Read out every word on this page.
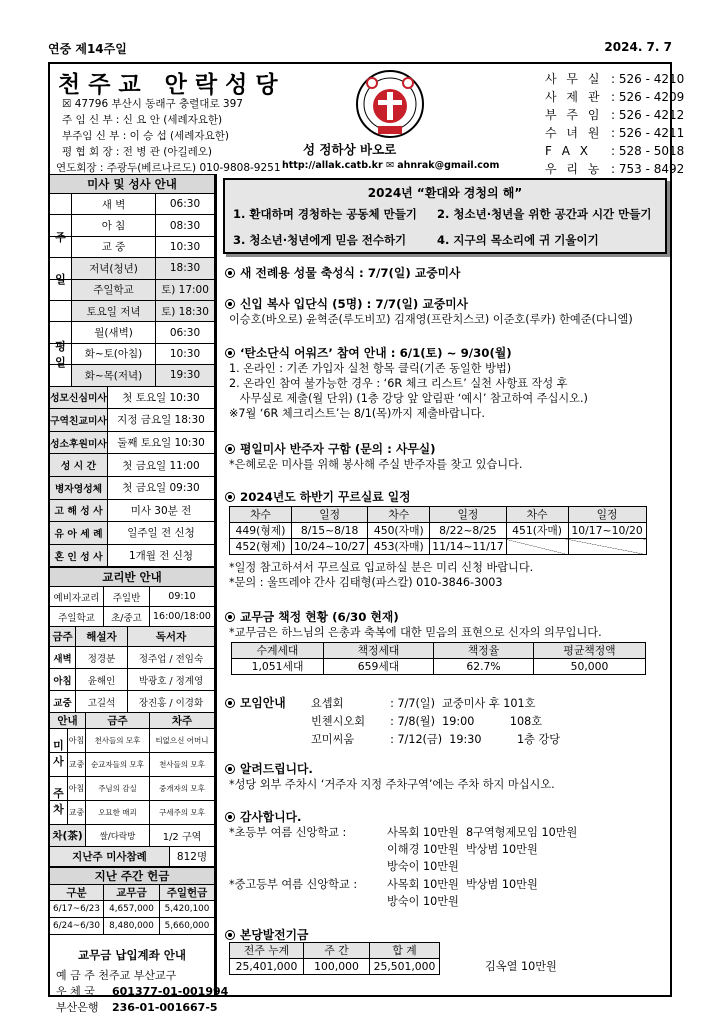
연중 제14주일	2024. 7. 7
천주교 안락성당
☒ 47796 부산시 동래구 충렬대로 397
주 임 신 부 : 신 요 안 (세례자요한)
부주임 신 부 : 이 승 섭 (세례자요한)
평 협 회 장 : 전 병 관 (아길레오)
연도회장 : 주광두(베르나르도) 010-9808-9251
성 정하상 바오로
http://allak.catb.kr ✉ ahnrak@gmail.com
사 무 실 : 526 - 4210
사 제 관 : 526 - 4209
부 주 임 : 526 - 4212
수 녀 원 : 526 - 4211
F A X : 528 - 5018
우 리 농 : 753 - 8492
미사 및 성사 안내
새 벽	06:30
아 침	08:30
교 중	10:30
저녁(청년)	18:30
주일학교	토) 17:00
토요일 저녁	토) 18:30
주

일
월(새벽)	06:30
화~토(아침)	10:30
화~목(저녁)	19:30
평
일
성모신심미사	첫 토요일 10:30
구역친교미사 지정 금요일 18:30
성소후원미사 둘째 토요일 10:30
성 시 간	첫 금요일 11:00
병자영성체	첫 금요일 09:30
고 해 성 사	미사 30분 전
유 아 세 례	일주일 전 신청
혼 인 성 사	1개월 전 신청
교리반 안내
예비자교리	주일반	09:10
주일학교	초/중고	16:00/18:00
금주	해설자	독서자
새벽	정경분	정주업 / 전임숙
아침	윤해인	박광호 / 정계영
교중	고길석	장진홍 / 이경화
안내	금주	차주
아침	천사들의 모후	티없으신 어머니
교중 순교자들의 모후	천사들의 모후
미
사
아침	주님의 감실	중개자의 모후
교중	오묘한 매괴	구세주의 모후
주
차
차(茶)	쌀/다락방	1/2 구역
지난주 미사참례	812명
지난 주간 헌금
구분	교무금	주일헌금
6/17~6/23	4,657,000	5,420,100
6/24~6/30	8,480,000	5,660,000
교무금 납입계좌 안내
예 금 주 천주교 부산교구
우 체 국 601377-01-001994
부산은행 236-01-001667-5
2024년 “환대와 경청의 해”
1. 환대하며 경청하는 공동체 만들기 2. 청소년·청년을 위한 공간과 시간 만들기
3. 청소년·청년에게 믿음 전수하기	4. 지구의 목소리에 귀 기울이기
새 전례용 성물 축성식 : 7/7(일) 교중미사
신입 복사 입단식 (5명) : 7/7(일) 교중미사
이승호(바오로) 윤혁준(루도비꼬) 김재영(프란치스코) 이준호(루카) 한예준(다니엘)
‘탄소단식 어워즈’ 참여 안내 : 6/1(토) ~ 9/30(월)
1. 온라인 : 기존 가입자 실천 항목 클릭(기존 동일한 방법)
2. 온라인 참여 불가능한 경우 : ‘6R 체크 리스트’ 실천 사항표 작성 후
사무실로 제출(월 단위) (1층 강당 앞 알림판 ‘예시’ 참고하여 주십시오.)
※7월 ‘6R 체크리스트’는 8/1(목)까지 제출바랍니다.
평일미사 반주자 구함 (문의 : 사무실)
*은혜로운 미사를 위해 봉사해 주실 반주자를 찾고 있습니다.
2024년도 하반기 꾸르실료 일정
차수	일정	차수	일정	차수	일정
449(형제)	8/15~8/18	450(자매)	8/22~8/25	451(자매)	10/17~10/20
452(형제)	10/24~10/27	453(자매)	11/14~11/17		
*일정 참고하셔서 꾸르실료 입교하실 분은 미리 신청 바랍니다.
*문의 : 울뜨레야 간사 김태형(파스칼) 010-3846-3003
교무금 책정 현황 (6/30 현재)
*교무금은 하느님의 은총과 축복에 대한 믿음의 표현으로 신자의 의무입니다.
수계세대	책정세대	책정율	평균책정액
1,051세대	659세대	62.7%	50,000
모임안내 요셉회	: 7/7(일)  교중미사 후 101호
빈첸시오회 : 7/8(월)  19:00          108호
꼬미씨움	: 7/12(금)  19:30          1층 강당
알려드립니다.
*성당 외부 주차시 ‘거주자 지정 주차구역’에는 주차 하지 마십시오.
감사합니다.
*초등부 여름 신앙학교 :	사목회 10만원  8구역형제모임 10만원
이해경 10만원  박상범 10만원
방숙이 10만원
*중고등부 여름 신앙학교 :	사목회 10만원  박상범 10만원
방숙이 10만원
본당발전기금
전주 누계	주 간	합 계
25,401,000	100,000	25,501,000	김옥열 10만원
